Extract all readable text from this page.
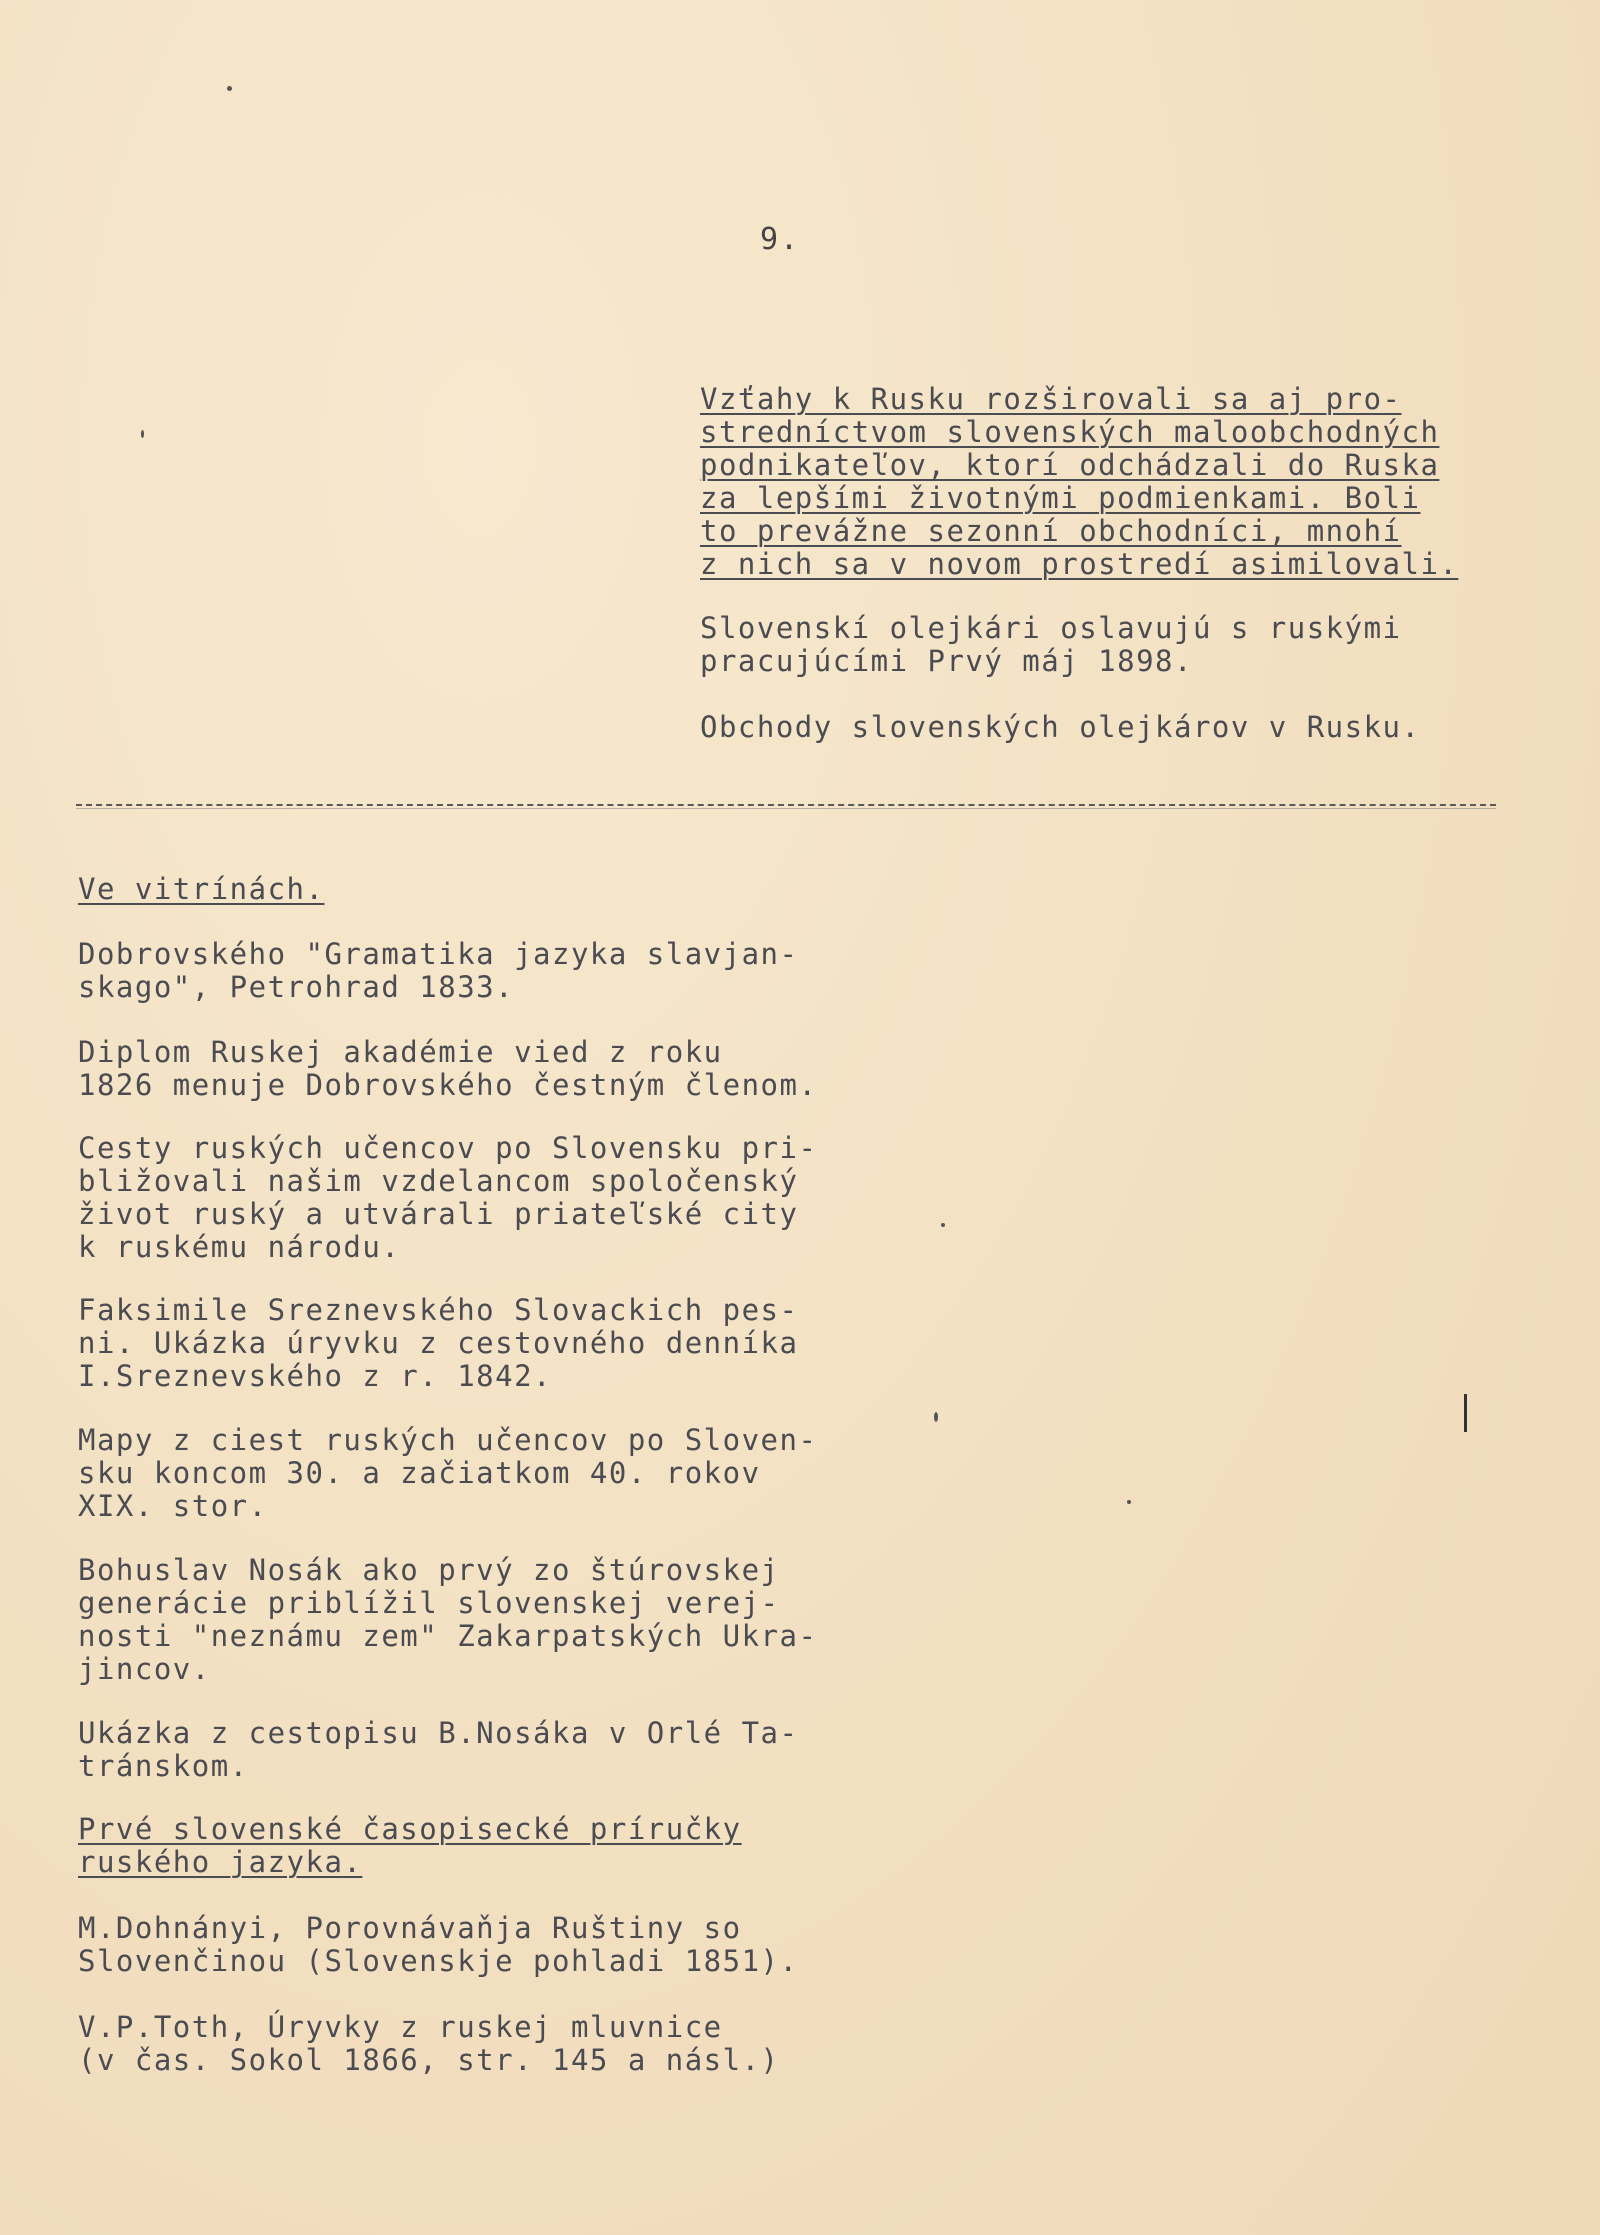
9.

Vzťahy k Rusku rozširovali sa aj pro-

stredníctvom slovenských maloobchodných

podnikateľov, ktorí odchádzali do Ruska

za lepšími životnými podmienkami. Boli

to prevážne sezonní obchodníci, mnohí

z nich sa v novom prostredí asimilovali.

Slovenskí olejkári oslavujú s ruskými

pracujúcími Prvý máj 1898.

Obchody slovenských olejkárov v Rusku.

Ve vitrínách.

Dobrovského "Gramatika jazyka slavjan-

skago", Petrohrad 1833.

Diplom Ruskej akadémie vied z roku

1826 menuje Dobrovského čestným členom.

Cesty ruských učencov po Slovensku pri-

bližovali našim vzdelancom spoločenský

život ruský a utvárali priateľské city

k ruskému národu.

Faksimile Sreznevského Slovackich pes-

ni. Ukázka úryvku z cestovného denníka

I.Sreznevského z r. 1842.

Mapy z ciest ruských učencov po Sloven-

sku koncom 30. a začiatkom 40. rokov

XIX. stor.

Bohuslav Nosák ako prvý zo štúrovskej

generácie priblížil slovenskej verej-

nosti "neznámu zem" Zakarpatských Ukra-

jincov.

Ukázka z cestopisu B.Nosáka v Orlé Ta-

tránskom.

Prvé slovenské časopisecké príručky

ruského jazyka.

M.Dohnányi, Porovnávaňja Ruštiny so

Slovenčinou (Slovenskje pohladi 1851).

V.P.Toth, Úryvky z ruskej mluvnice

(v čas. Sokol 1866, str. 145 a násl.)
